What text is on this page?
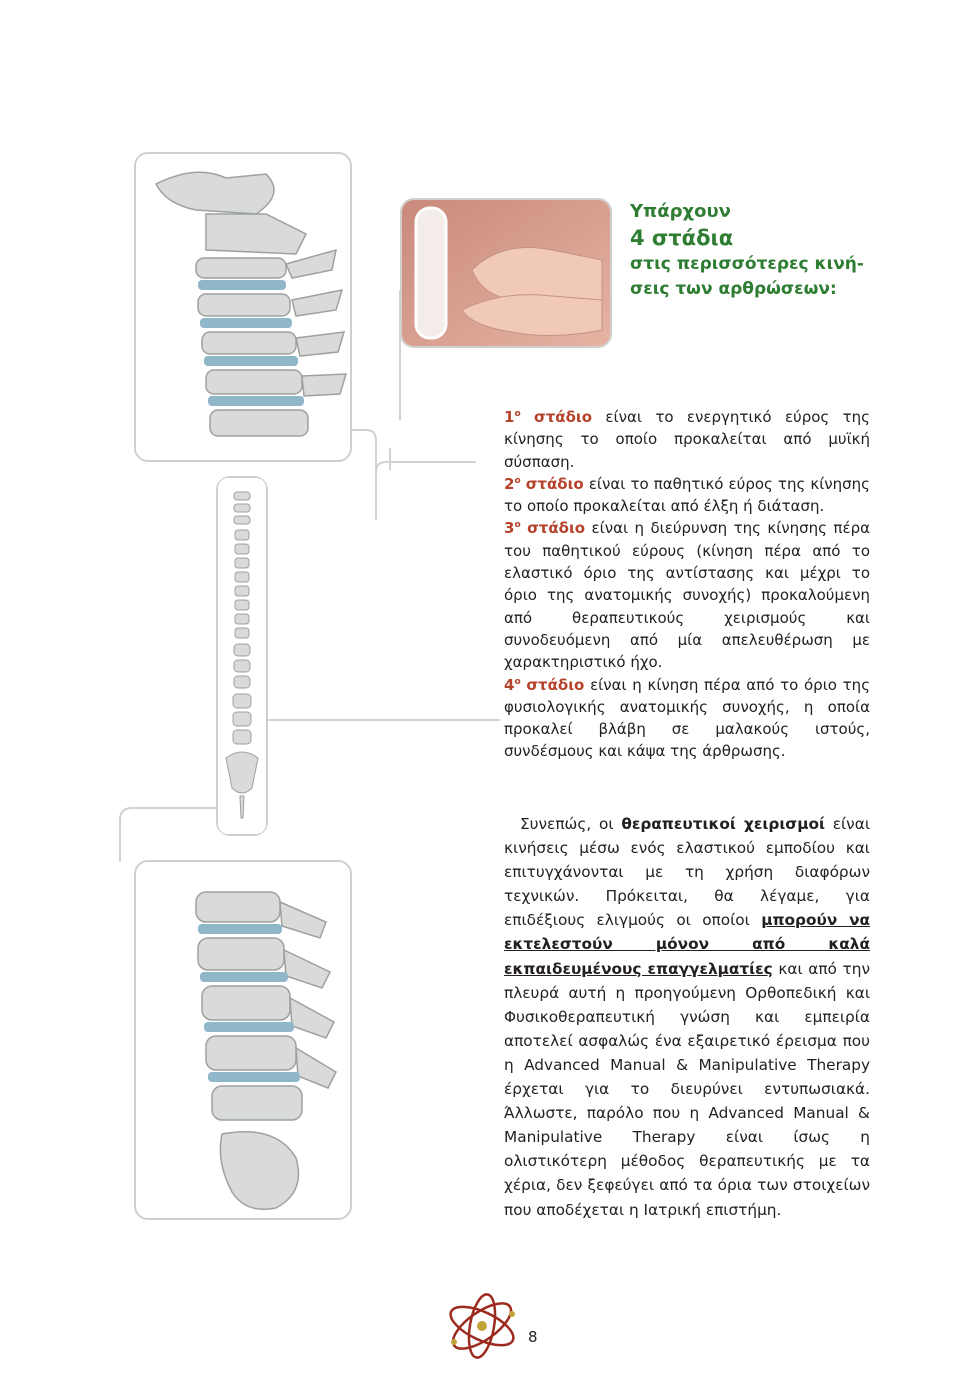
Υπάρχουν
4 στάδια
στις περισσότερες κινή-
σεις των αρθρώσεων:

$1^o$ στάδιο είναι το ενεργητικό εύρος της κίνησης το οποίο προκαλείται από μυϊκή σύσπαση.

$2^o$ στάδιο είναι το παθητικό εύρος της κίνησης το οποίο προκαλείται από έλξη ή διάταση.

$3^o$ στάδιο είναι η διεύρυνση της κίνησης πέρα του παθητικού εύρους (κίνηση πέρα από το ελαστικό όριο της αντίστασης και μέχρι το όριο της ανατομικής συνοχής) προκαλούμενη από θεραπευτικούς χειρισμούς και συνοδευόμενη από μία απελευθέρωση με χαρακτηριστικό ήχο.

$4^o$ στάδιο είναι η κίνηση πέρα από το όριο της φυσιολογικής ανατομικής συνοχής, η οποία προκαλεί βλάβη σε μαλακούς ιστούς, συνδέσμους και κάψα της άρθρωσης.

Συνεπώς, οι θεραπευτικοί χειρισμοί είναι κινήσεις μέσω ενός ελαστικού εμποδίου και επιτυγχάνονται με τη χρήση διαφόρων τεχνικών. Πρόκειται, θα λέγαμε, για επιδέξιους ελιγμούς οι οποίοι μπορούν να εκτελεστούν μόνον από καλά εκπαιδευμένους επαγγελματίες και από την πλευρά αυτή η προηγούμενη Ορθοπεδική και Φυσικοθεραπευτική γνώση και εμπειρία αποτελεί ασφαλώς ένα εξαιρετικό έρεισμα που η Advanced Manual & Manipulative Therapy έρχεται για το διευρύνει εντυπωσιακά. Άλλωστε, παρόλο που η Advanced Manual & Manipulative Therapy είναι ίσως η ολιστικότερη μέθοδος θεραπευτικής με τα χέρια, δεν ξεφεύγει από τα όρια των στοιχείων που αποδέχεται η Ιατρική επιστήμη.

8
